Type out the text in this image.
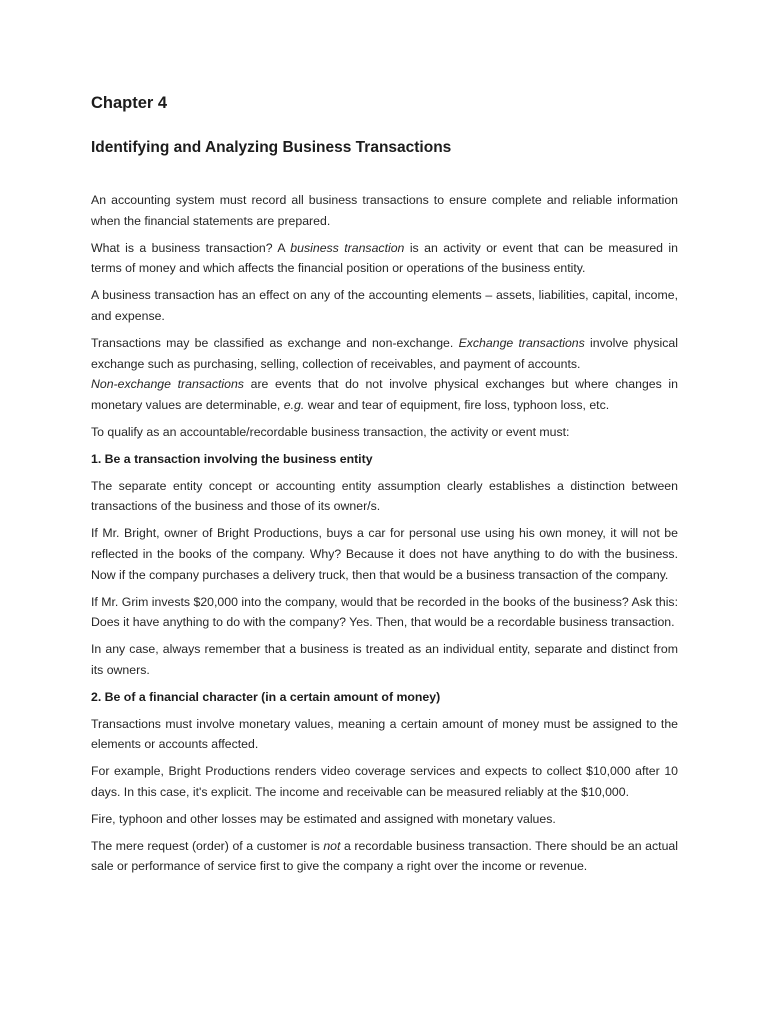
Chapter 4
Identifying and Analyzing Business Transactions

An accounting system must record all business transactions to ensure complete and reliable information when the financial statements are prepared.

What is a business transaction? A business transaction is an activity or event that can be measured in terms of money and which affects the financial position or operations of the business entity.

A business transaction has an effect on any of the accounting elements – assets, liabilities, capital, income, and expense.

Transactions may be classified as exchange and non-exchange. Exchange transactions involve physical exchange such as purchasing, selling, collection of receivables, and payment of accounts.

Non-exchange transactions are events that do not involve physical exchanges but where changes in monetary values are determinable, e.g. wear and tear of equipment, fire loss, typhoon loss, etc.

To qualify as an accountable/recordable business transaction, the activity or event must:

1. Be a transaction involving the business entity

The separate entity concept or accounting entity assumption clearly establishes a distinction between transactions of the business and those of its owner/s.

If Mr. Bright, owner of Bright Productions, buys a car for personal use using his own money, it will not be reflected in the books of the company. Why? Because it does not have anything to do with the business. Now if the company purchases a delivery truck, then that would be a business transaction of the company.

If Mr. Grim invests $20,000 into the company, would that be recorded in the books of the business? Ask this: Does it have anything to do with the company? Yes. Then, that would be a recordable business transaction.

In any case, always remember that a business is treated as an individual entity, separate and distinct from its owners.

2. Be of a financial character (in a certain amount of money)

Transactions must involve monetary values, meaning a certain amount of money must be assigned to the elements or accounts affected.

For example, Bright Productions renders video coverage services and expects to collect $10,000 after 10 days. In this case, it's explicit. The income and receivable can be measured reliably at the $10,000.

Fire, typhoon and other losses may be estimated and assigned with monetary values.

The mere request (order) of a customer is not a recordable business transaction. There should be an actual sale or performance of service first to give the company a right over the income or revenue.
